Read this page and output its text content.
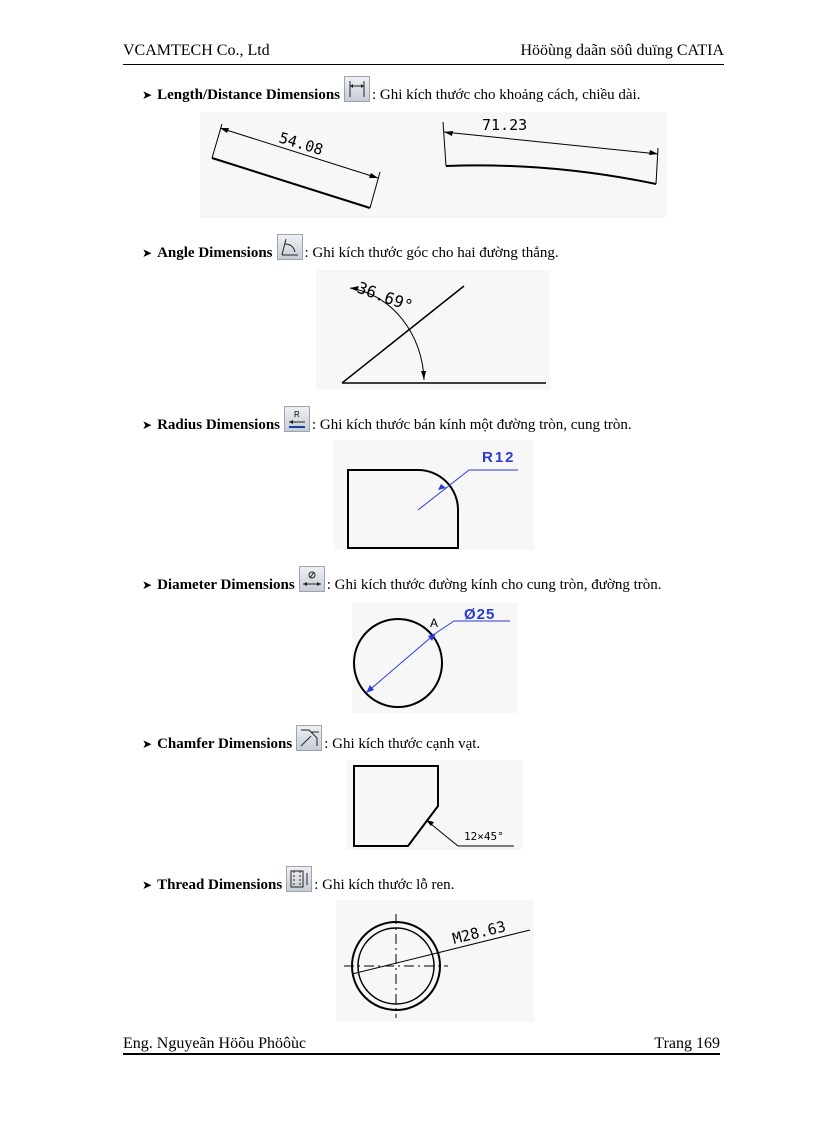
VCAMTECH Co., Ltd	Hööùng daãn söû duïng CATIA
➤ Length/Distance Dimensions : Ghi kích thước cho khoảng cách, chiều dài.
54.08
71.23
➤ Angle Dimensions : Ghi kích thước góc cho hai đường thẳng.
36.69°
➤ Radius Dimensions
R
: Ghi kích thước bán kính một đường tròn, cung tròn.
R12
➤ Diameter Dimensions : Ghi kích thước đường kính cho cung tròn, đường tròn.
A Ø25
➤ Chamfer Dimensions : Ghi kích thước cạnh vạt.
12×45°
➤ Thread Dimensions : Ghi kích thước lỗ ren.
M28.63
Eng. Nguyeãn Höõu Phöôùc	Trang 169
